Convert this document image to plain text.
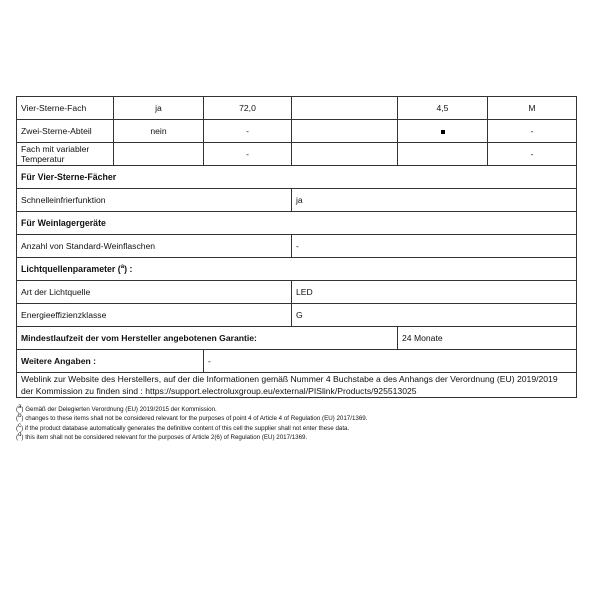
Vier-Sterne-Fach	ja	72,0		4,5	M
Zwei-Sterne-Abteil	nein	-			-
Fach mit variabler Temperatur		-			-
Für Vier-Sterne-Fächer					
Schnelleinfrierfunktion			ja		
Für Weinlagergeräte					
Anzahl von Standard-Weinflaschen			-		
Lichtquellenparameter ($^a$) :					
Art der Lichtquelle			LED		
Energieeffizienzklasse			G		
Mindestlaufzeit der vom Hersteller angebotenen Garantie:				24 Monate	
Weitere Angaben :		-			
Weblink zur Website des Herstellers, auf der die Informationen gemäß Nummer 4 Buchstabe a des Anhangs der Verordnung (EU) 2019/2019 der Kommission zu finden sind : https://support.electroluxgroup.eu/external/PISlink/Products/925513025					
($^a$) Gemäß der Delegierten Verordnung (EU) 2019/2015 der Kommission.
($^b$) changes to these items shall not be considered relevant for the purposes of point 4 of Article 4 of Regulation (EU) 2017/1369.
($^c$) if the product database automatically generates the definitive content of this cell the supplier shall not enter these data.
($^d$) this item shall not be considered relevant for the purposes of Article 2(6) of Regulation (EU) 2017/1369.
